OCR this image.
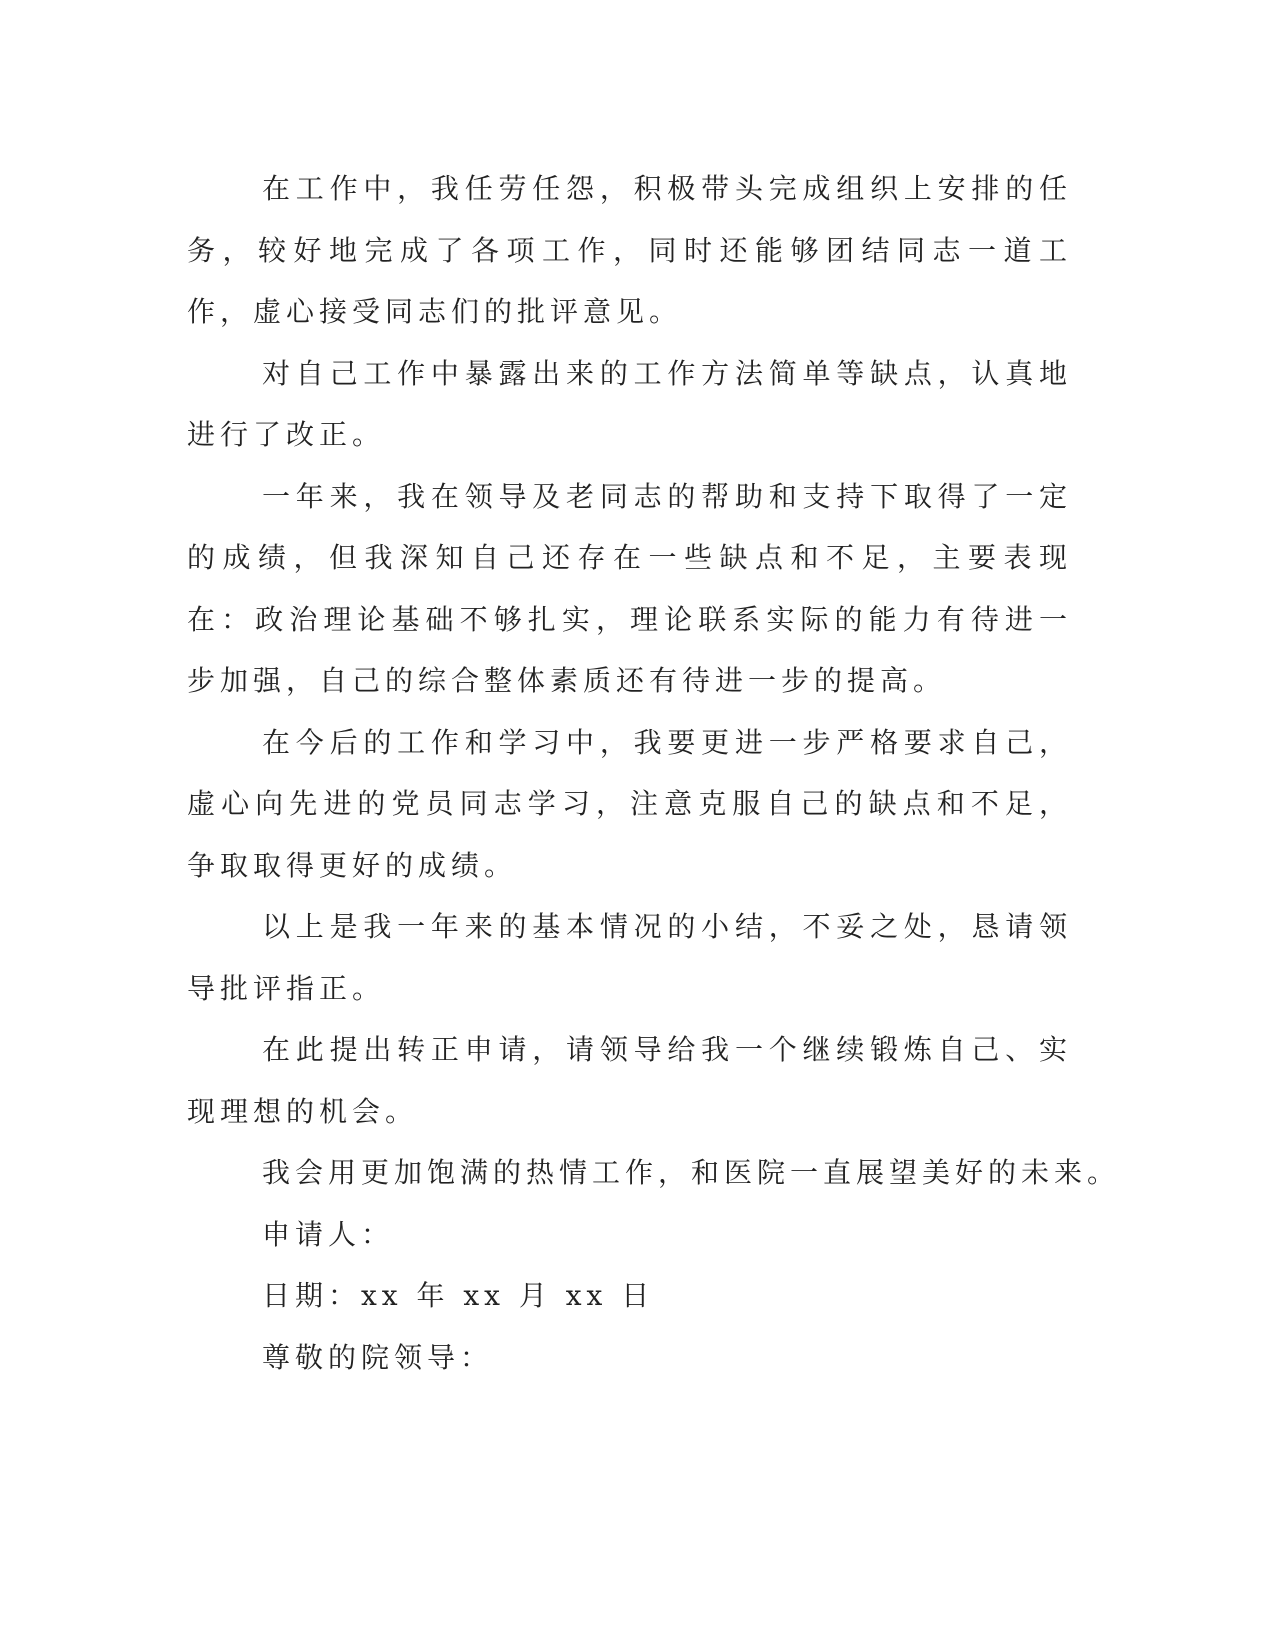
在工作中，我任劳任怨，积极带头完成组织上安排的任务，较好地完成了各项工作，同时还能够团结同志一道工作，虚心接受同志们的批评意见。

对自己工作中暴露出来的工作方法简单等缺点，认真地进行了改正。

一年来，我在领导及老同志的帮助和支持下取得了一定的成绩，但我深知自己还存在一些缺点和不足，主要表现在：政治理论基础不够扎实，理论联系实际的能力有待进一步加强，自己的综合整体素质还有待进一步的提高。

在今后的工作和学习中，我要更进一步严格要求自己，虚心向先进的党员同志学习，注意克服自己的缺点和不足，争取取得更好的成绩。

以上是我一年来的基本情况的小结，不妥之处，恳请领导批评指正。

在此提出转正申请，请领导给我一个继续锻炼自己、实现理想的机会。

我会用更加饱满的热情工作，和医院一直展望美好的未来。

申请人：

日期：xx 年 xx 月 xx 日

尊敬的院领导：
